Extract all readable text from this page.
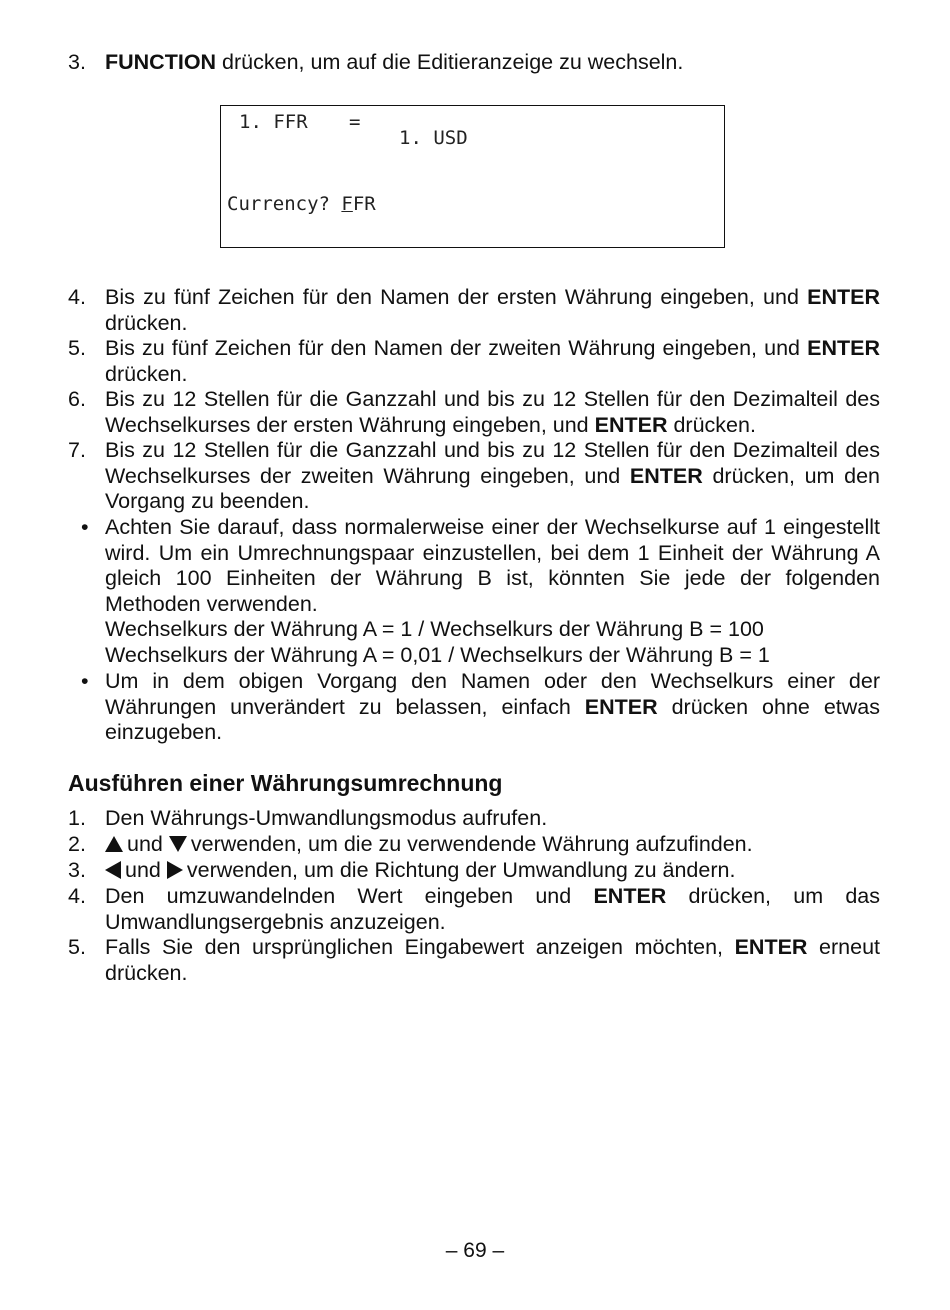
3. FUNCTION drücken, um auf die Editieranzeige zu wechseln.
1. FFR =
1. USD
Currency? FFR
4. Bis zu fünf Zeichen für den Namen der ersten Währung eingeben, und ENTER drücken.
5. Bis zu fünf Zeichen für den Namen der zweiten Währung eingeben, und ENTER drücken.
6. Bis zu 12 Stellen für die Ganzzahl und bis zu 12 Stellen für den Dezimalteil des Wechselkurses der ersten Währung eingeben, und ENTER drücken.
7. Bis zu 12 Stellen für die Ganzzahl und bis zu 12 Stellen für den Dezimalteil des Wechselkurses der zweiten Währung eingeben, und ENTER drücken, um den Vorgang zu beenden.
• Achten Sie darauf, dass normalerweise einer der Wechselkurse auf 1 eingestellt wird. Um ein Umrechnungspaar einzustellen, bei dem 1 Einheit der Währung A gleich 100 Einheiten der Währung B ist, könnten Sie jede der folgenden Methoden verwenden.
Wechselkurs der Währung A = 1 / Wechselkurs der Währung B = 100
Wechselkurs der Währung A = 0,01 / Wechselkurs der Währung B = 1
• Um in dem obigen Vorgang den Namen oder den Wechselkurs einer der Währungen unverändert zu belassen, einfach ENTER drücken ohne etwas einzugeben.
Ausführen einer Währungsumrechnung
1. Den Währungs-Umwandlungsmodus aufrufen.
2.	und verwenden, um die zu verwendende Währung aufzufinden.
3.	und verwenden, um die Richtung der Umwandlung zu ändern.
4. Den umzuwandelnden Wert eingeben und ENTER drücken, um das Umwandlungsergebnis anzuzeigen.
5. Falls Sie den ursprünglichen Eingabewert anzeigen möchten, ENTER erneut drücken.
– 69 –
